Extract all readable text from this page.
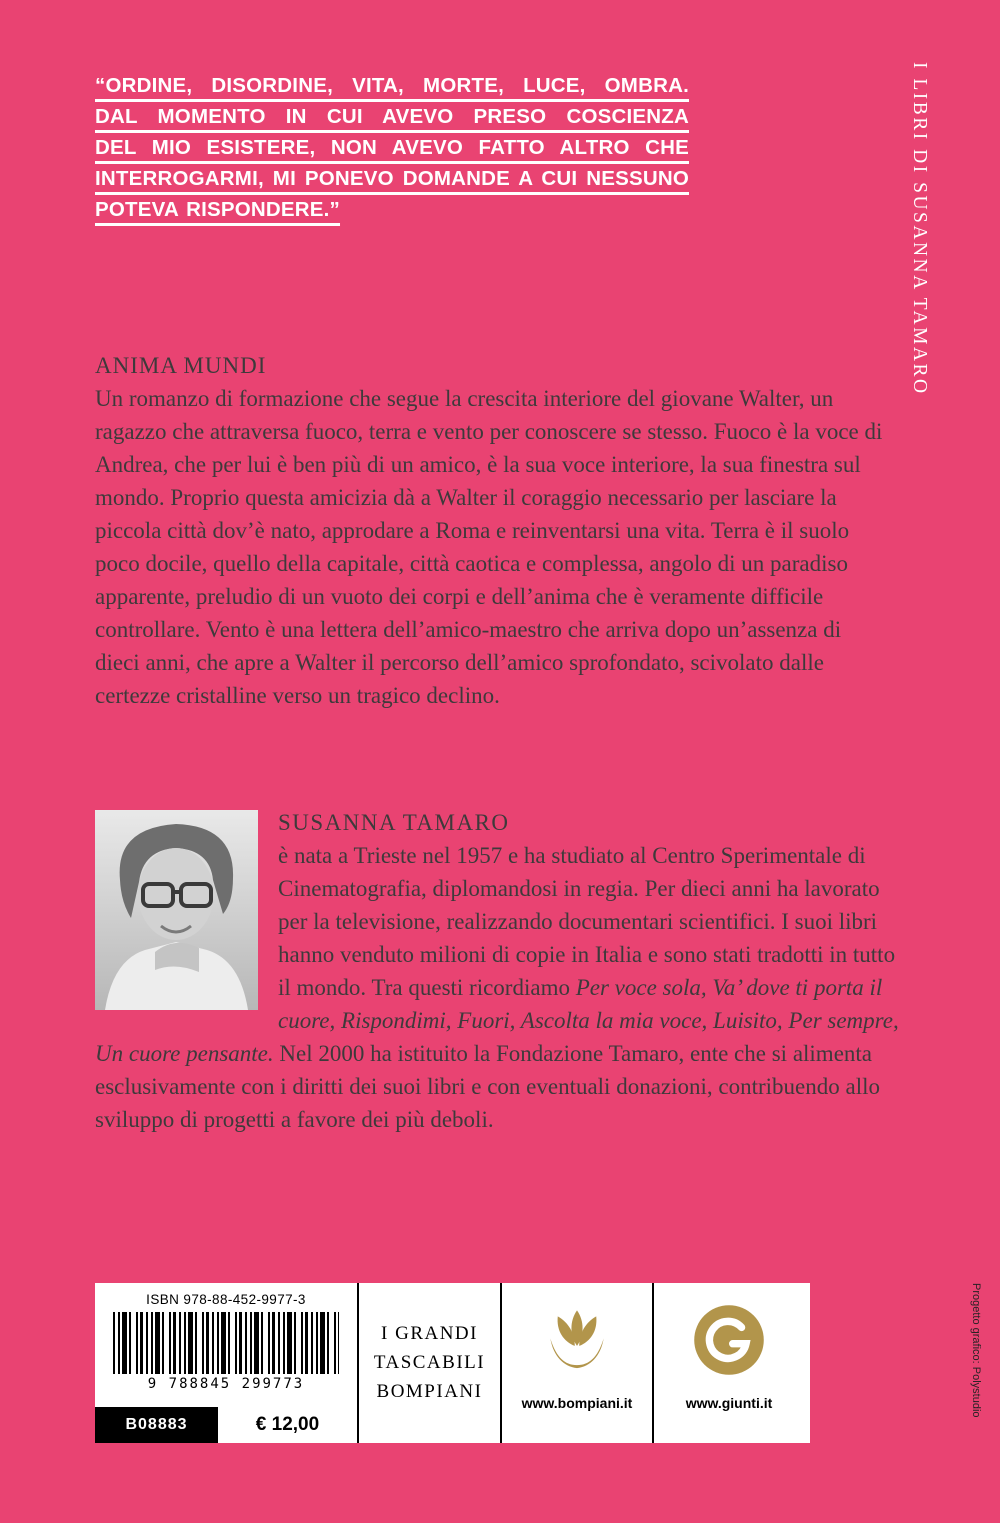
“ORDINE, DISORDINE, VITA, MORTE, LUCE, OMBRA.
DAL MOMENTO IN CUI AVEVO PRESO COSCIENZA
DEL MIO ESISTERE, NON AVEVO FATTO ALTRO CHE
INTERROGARMI, MI PONEVO DOMANDE A CUI NESSUNO
POTEVA RISPONDERE.”
I LIBRI DI SUSANNA TAMARO
ANIMA MUNDI
Un romanzo di formazione che segue la crescita interiore del giovane Walter, un ragazzo che attraversa fuoco, terra e vento per conoscere se stesso. Fuoco è la voce di Andrea, che per lui è ben più di un amico, è la sua voce interiore, la sua finestra sul mondo. Proprio questa amicizia dà a Walter il coraggio necessario per lasciare la piccola città dov’è nato, approdare a Roma e reinventarsi una vita. Terra è il suolo poco docile, quello della capitale, città caotica e complessa, angolo di un paradiso apparente, preludio di un vuoto dei corpi e dell’anima che è veramente difficile controllare. Vento è una lettera dell’amico-maestro che arriva dopo un’assenza di dieci anni, che apre a Walter il percorso dell’amico sprofondato, scivolato dalle certezze cristalline verso un tragico declino.
SUSANNA TAMARO
è nata a Trieste nel 1957 e ha studiato al Centro Sperimentale di Cinematografia, diplomandosi in regia. Per dieci anni ha lavorato per la televisione, realizzando documentari scientifici. I suoi libri hanno venduto milioni di copie in Italia e sono stati tradotti in tutto il mondo. Tra questi ricordiamo Per voce sola, Va’ dove ti porta il cuore, Rispondimi, Fuori, Ascolta la mia voce, Luisito, Per sempre, Un cuore pensante. Nel 2000 ha istituito la Fondazione Tamaro, ente che si alimenta esclusivamente con i diritti dei suoi libri e con eventuali donazioni, contribuendo allo sviluppo di progetti a favore dei più deboli.
ISBN 978-88-452-9977-3
9 788845 299773
B08883	€ 12,00
I GRANDI
TASCABILI
BOMPIANI
www.bompiani.it	www.giunti.it	Progetto grafico: Polystudio
